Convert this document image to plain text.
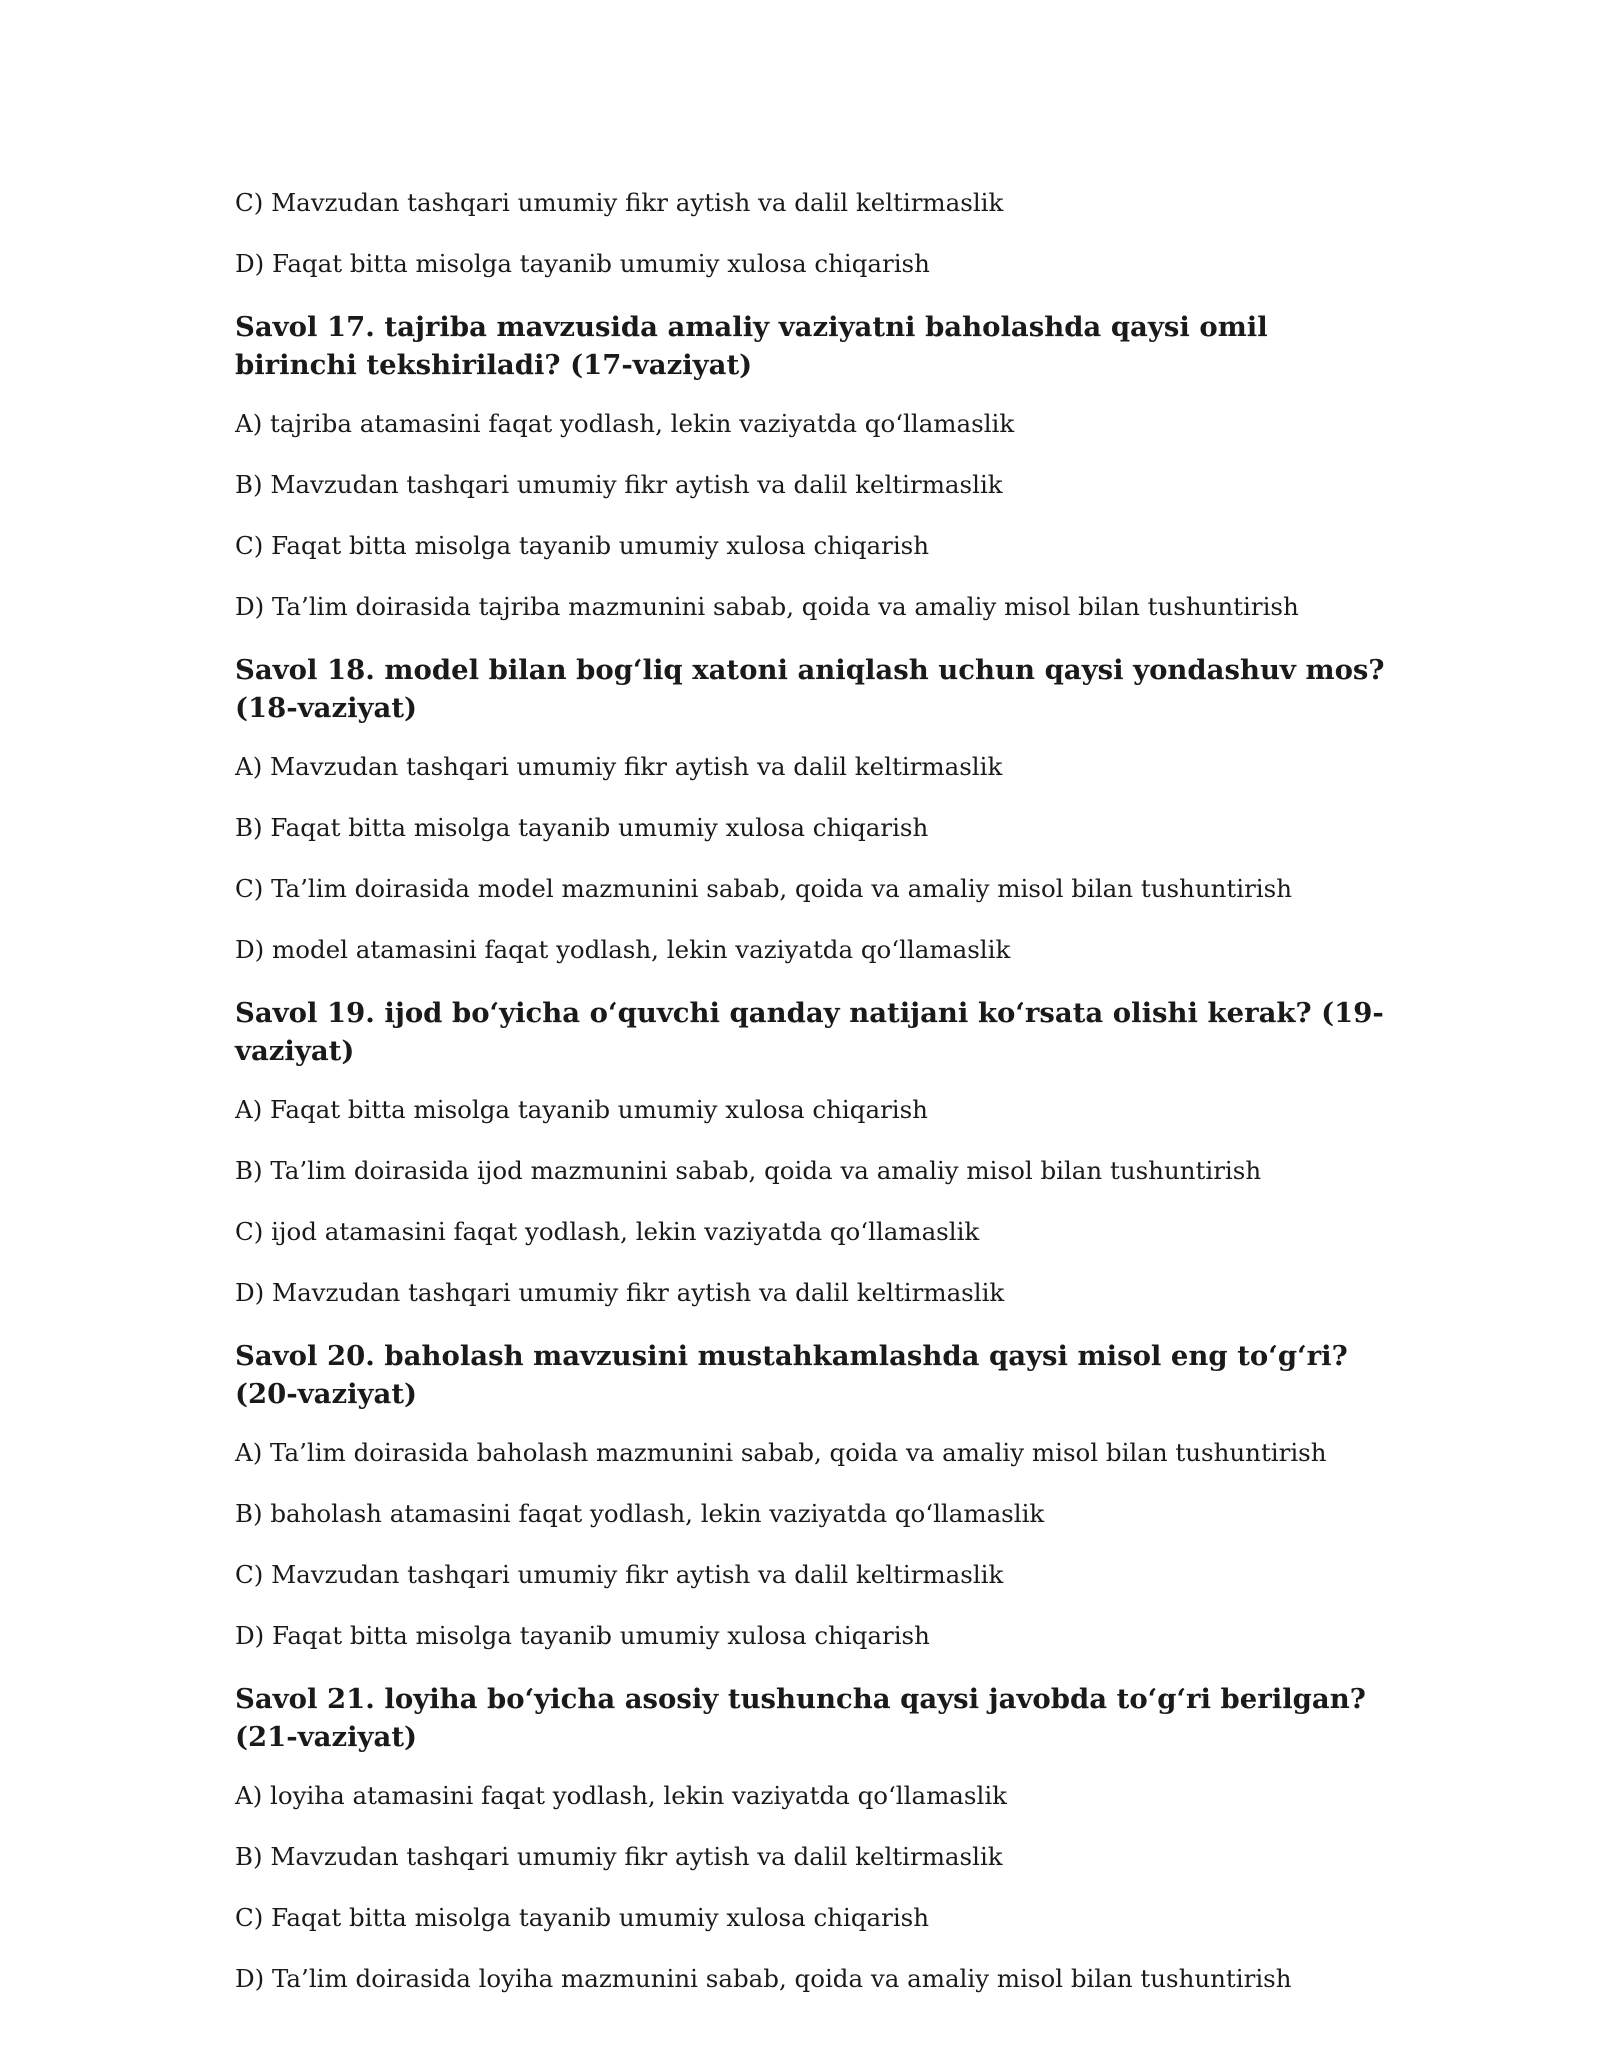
C) Mavzudan tashqari umumiy fikr aytish va dalil keltirmaslik

D) Faqat bitta misolga tayanib umumiy xulosa chiqarish

Savol 17. tajriba mavzusida amaliy vaziyatni baholashda qaysi omil birinchi tekshiriladi? (17-vaziyat)

A) tajriba atamasini faqat yodlash, lekin vaziyatda qo‘llamaslik

B) Mavzudan tashqari umumiy fikr aytish va dalil keltirmaslik

C) Faqat bitta misolga tayanib umumiy xulosa chiqarish

D) Ta’lim doirasida tajriba mazmunini sabab, qoida va amaliy misol bilan tushuntirish

Savol 18. model bilan bog‘liq xatoni aniqlash uchun qaysi yondashuv mos? (18-vaziyat)

A) Mavzudan tashqari umumiy fikr aytish va dalil keltirmaslik

B) Faqat bitta misolga tayanib umumiy xulosa chiqarish

C) Ta’lim doirasida model mazmunini sabab, qoida va amaliy misol bilan tushuntirish

D) model atamasini faqat yodlash, lekin vaziyatda qo‘llamaslik

Savol 19. ijod bo‘yicha o‘quvchi qanday natijani ko‘rsata olishi kerak? (19-vaziyat)

A) Faqat bitta misolga tayanib umumiy xulosa chiqarish

B) Ta’lim doirasida ijod mazmunini sabab, qoida va amaliy misol bilan tushuntirish

C) ijod atamasini faqat yodlash, lekin vaziyatda qo‘llamaslik

D) Mavzudan tashqari umumiy fikr aytish va dalil keltirmaslik

Savol 20. baholash mavzusini mustahkamlashda qaysi misol eng to‘g‘ri? (20-vaziyat)

A) Ta’lim doirasida baholash mazmunini sabab, qoida va amaliy misol bilan tushuntirish

B) baholash atamasini faqat yodlash, lekin vaziyatda qo‘llamaslik

C) Mavzudan tashqari umumiy fikr aytish va dalil keltirmaslik

D) Faqat bitta misolga tayanib umumiy xulosa chiqarish

Savol 21. loyiha bo‘yicha asosiy tushuncha qaysi javobda to‘g‘ri berilgan? (21-vaziyat)

A) loyiha atamasini faqat yodlash, lekin vaziyatda qo‘llamaslik

B) Mavzudan tashqari umumiy fikr aytish va dalil keltirmaslik

C) Faqat bitta misolga tayanib umumiy xulosa chiqarish

D) Ta’lim doirasida loyiha mazmunini sabab, qoida va amaliy misol bilan tushuntirish
